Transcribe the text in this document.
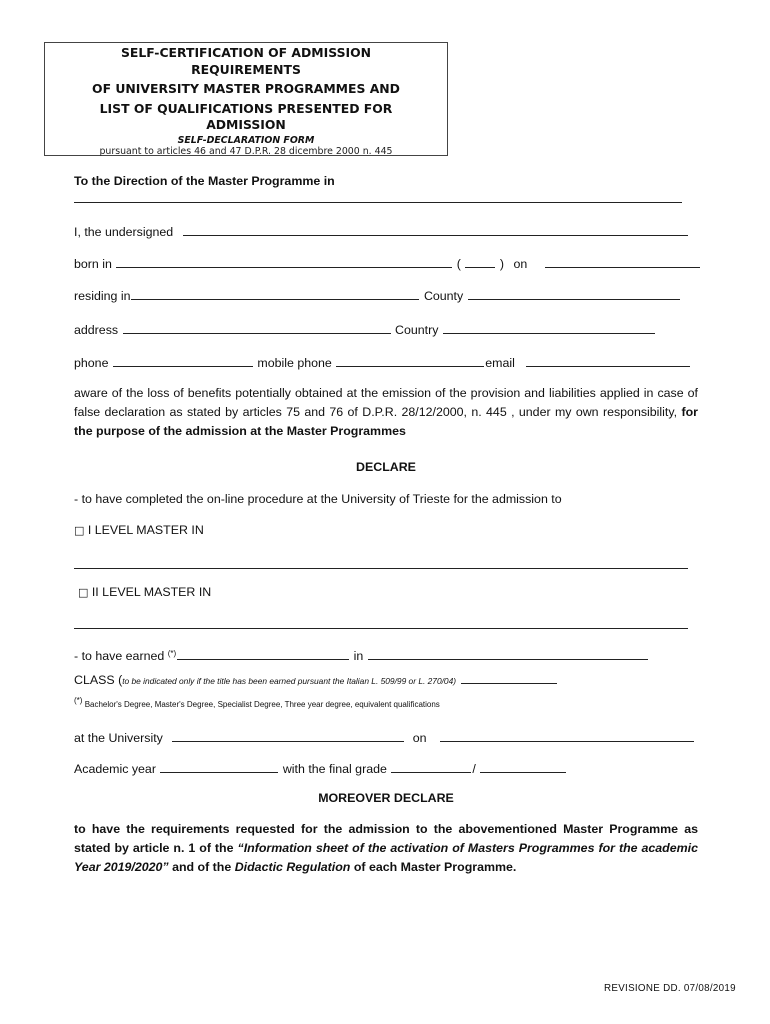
SELF-CERTIFICATION OF ADMISSION
REQUIREMENTS
OF UNIVERSITY MASTER PROGRAMMES AND
LIST OF QUALIFICATIONS PRESENTED FOR
ADMISSION
SELF-DECLARATION FORM
pursuant to articles 46 and 47 D.P.R. 28 dicembre 2000 n. 445
To the Direction of the Master Programme in
I, the undersigned
born in	(	) on
residing in	County
address	Country
phone	mobile phone	email
aware of the loss of benefits potentially obtained at the emission of the provision and liabilities applied in case of false declaration as stated by articles 75 and 76 of D.P.R. 28/12/2000, n. 445 , under my own responsibility, for the purpose of the admission at the Master Programmes
DECLARE
- to have completed the on-line procedure at the University of Trieste for the admission to
□ I LEVEL MASTER IN
□ II LEVEL MASTER IN
- to have earned (*)	in
CLASS (to be indicated only if the title has been earned pursuant the Italian L. 509/99 or L. 270/04)
(*) Bachelor's Degree, Master's Degree, Specialist Degree, Three year degree, equivalent qualifications
at the University	on
Academic year	with the final grade	/
MOREOVER DECLARE
to have the requirements requested for the admission to the abovementioned Master Programme as stated by article n. 1 of the “Information sheet of the activation of Masters Programmes for the academic Year 2019/2020” and of the Didactic Regulation of each Master Programme.
REVISIONE DD. 07/08/2019
